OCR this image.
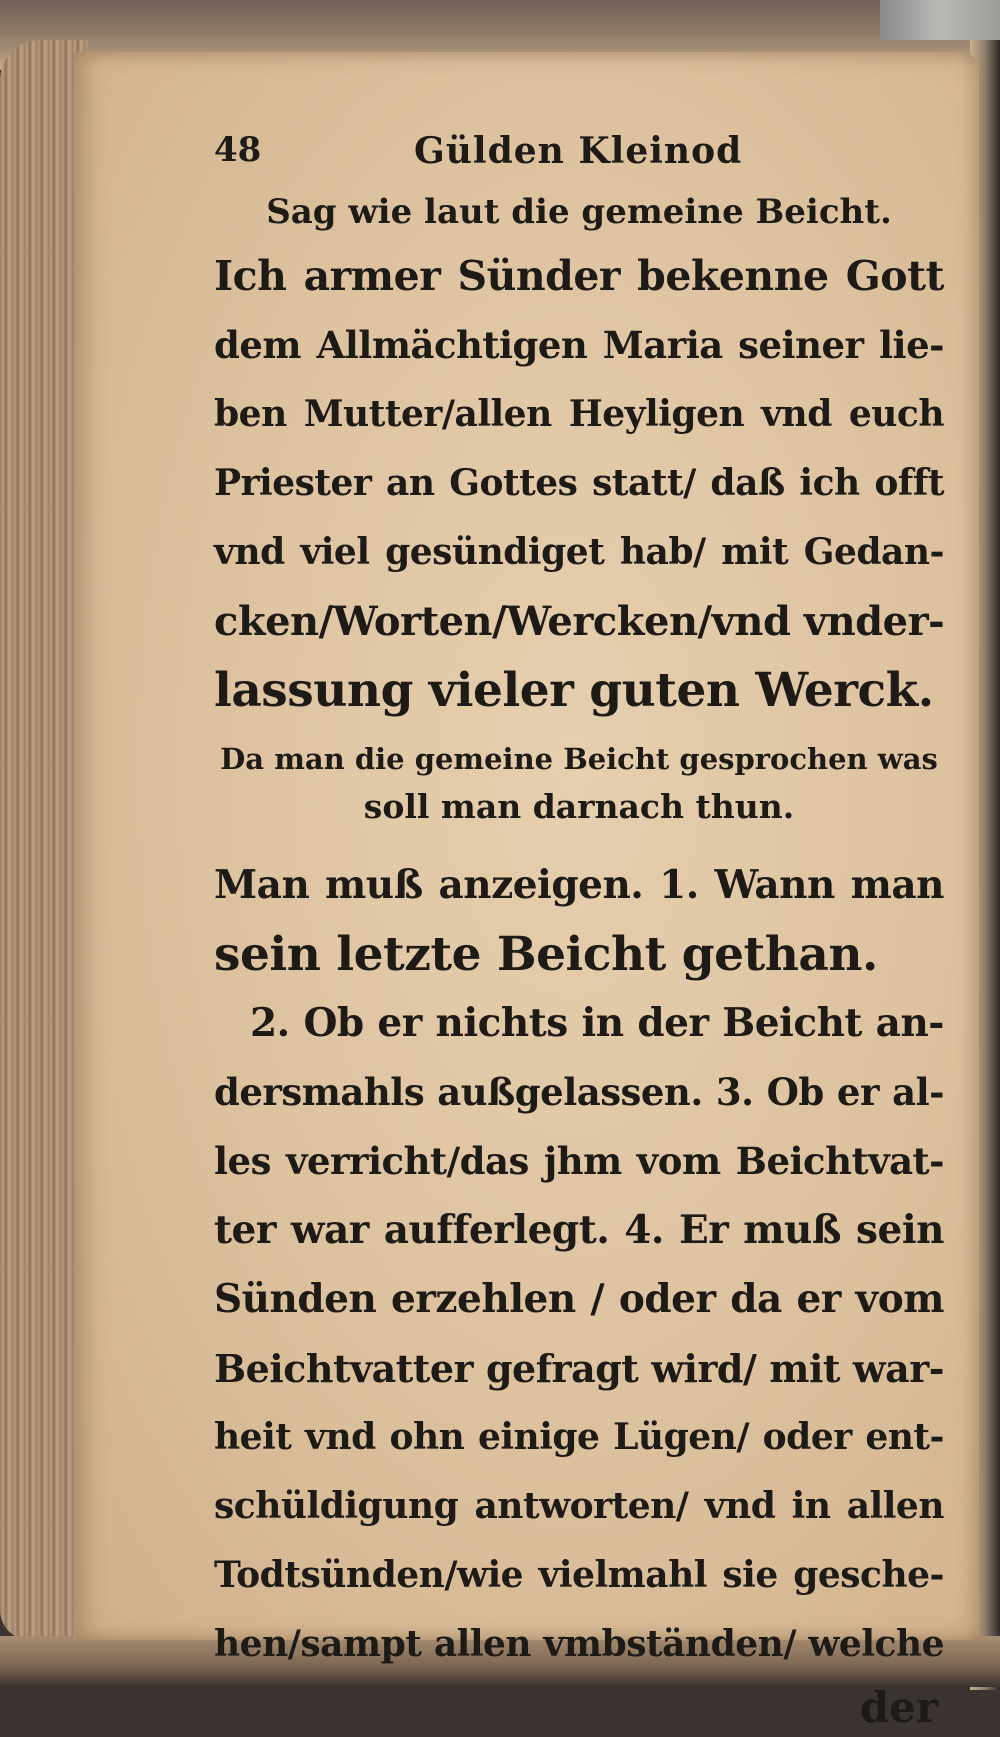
48	Gülden Kleinod
Sag wie laut die gemeine Beicht.
Ich armer Sünder bekenne Gott
dem Allmächtigen Maria seiner lie-
ben Mutter/allen Heyligen vnd euch
Priester an Gottes statt/ daß ich offt
vnd viel gesündiget hab/ mit Gedan-
cken/Worten/Wercken/vnd vnder-
lassung vieler guten Werck.
Da man die gemeine Beicht gesprochen was
soll man darnach thun.
Man muß anzeigen. 1. Wann man
sein letzte Beicht gethan.
2. Ob er nichts in der Beicht an-
dersmahls außgelassen. 3. Ob er al-
les verricht/das jhm vom Beichtvat-
ter war aufferlegt. 4. Er muß sein
Sünden erzehlen / oder da er vom
Beichtvatter gefragt wird/ mit war-
heit vnd ohn einige Lügen/ oder ent-
schüldigung antworten/ vnd in allen
Todtsünden/wie vielmahl sie gesche-
hen/sampt allen vmbständen/ welche
der
